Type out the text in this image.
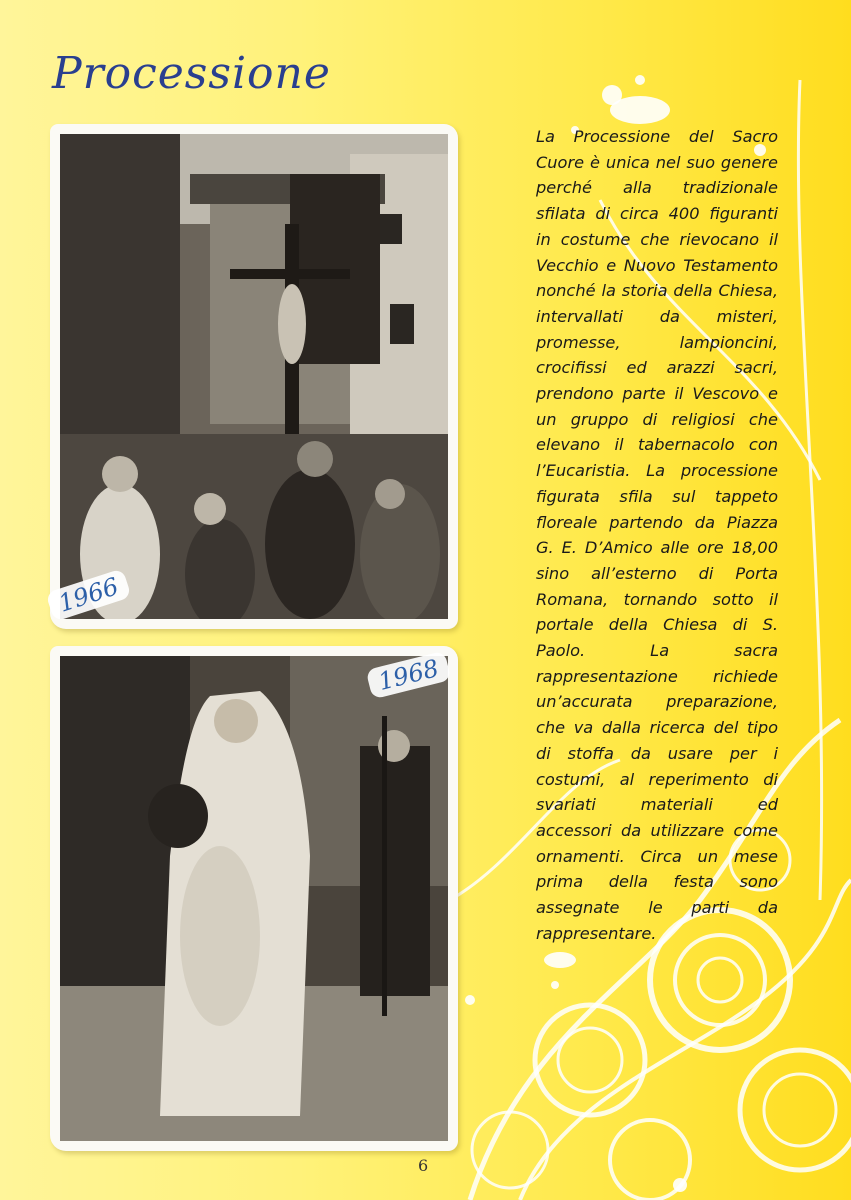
Processione
1966
1968

La Processione del Sacro Cuore è unica nel suo genere perché alla tradizionale sfilata di circa 400 figuranti in costume che rievocano il Vecchio e Nuovo Testamento nonché la storia della Chiesa, intervallati da misteri, promesse, lampioncini, crocifissi ed arazzi sacri, prendono parte il Vescovo e un gruppo di religiosi che elevano il tabernacolo con l’Eucaristia. La processione figurata sfila sul tappeto floreale partendo da Piazza G. E. D’Amico alle ore 18,00 sino all’esterno di Porta Romana, tornando sotto il portale della Chiesa di S. Paolo. La sacra rappresentazione richiede un’accurata preparazione, che va dalla ricerca del tipo di stoffa da usare per i costumi, al reperimento di svariati materiali ed accessori da utilizzare come ornamenti. Circa un mese prima della festa sono assegnate le parti da rappresentare.

6
